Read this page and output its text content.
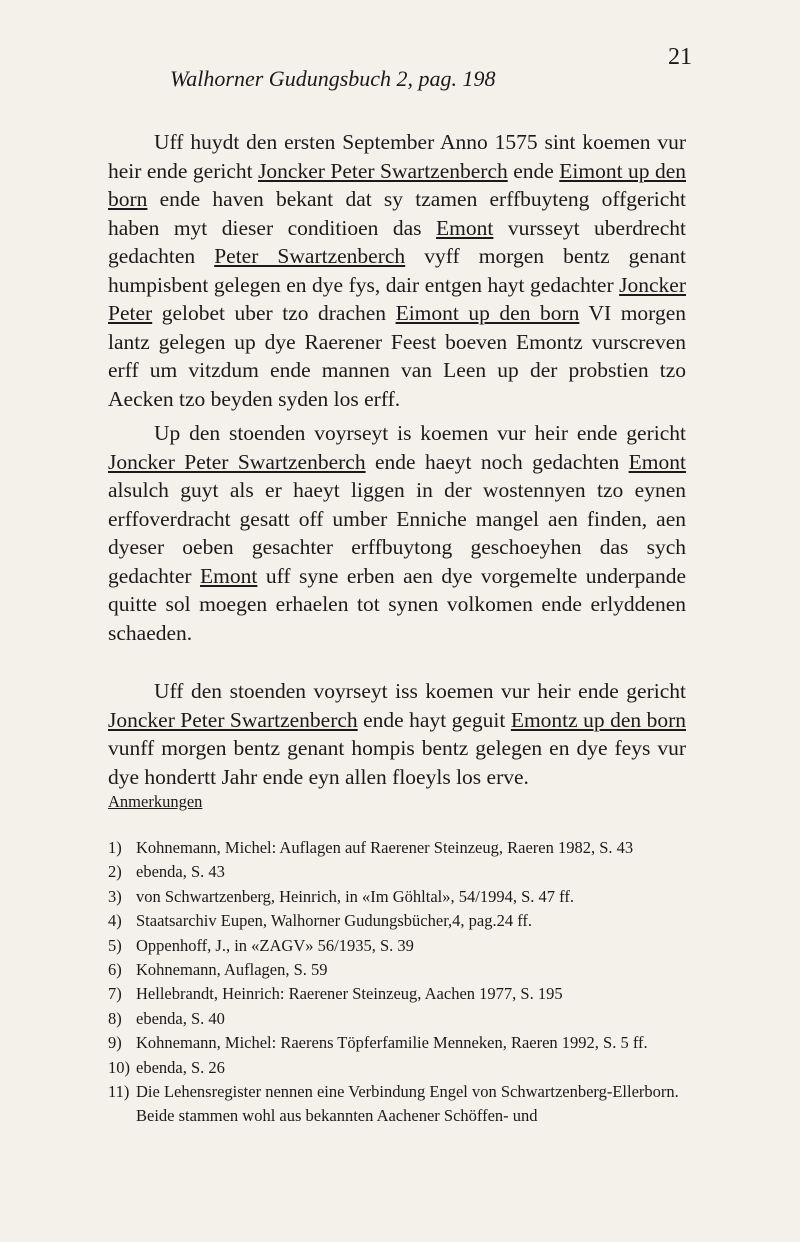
21
Walhorner Gudungsbuch 2, pag. 198

Uff huydt den ersten September Anno 1575 sint koemen vur heir ende gericht Joncker Peter Swartzenberch ende Eimont up den born ende haven bekant dat sy tzamen erffbuyteng offgericht haben myt dieser conditioen das Emont vursseyt uberdrecht gedachten Peter Swartzenberch vyff morgen bentz genant humpisbent gelegen en dye fys, dair entgen hayt gedachter Joncker Peter gelobet uber tzo drachen Eimont up den born VI morgen lantz gelegen up dye Raerener Feest boeven Emontz vurscreven erff um vitzdum ende mannen van Leen up der probstien tzo Aecken tzo beyden syden los erff.

Up den stoenden voyrseyt is koemen vur heir ende gericht Joncker Peter Swartzenberch ende haeyt noch gedachten Emont alsulch guyt als er haeyt liggen in der wostennyen tzo eynen erffoverdracht gesatt off umber Enniche mangel aen finden, aen dyeser oeben gesachter erffbuytong geschoeyhen das sych gedachter Emont uff syne erben aen dye vorgemelte underpande quitte sol moegen erhaelen tot synen volkomen ende erlyddenen schaeden.

Uff den stoenden voyrseyt iss koemen vur heir ende gericht Joncker Peter Swartzenberch ende hayt geguit Emontz up den born vunff morgen bentz genant hompis bentz gelegen en dye feys vur dye hondertt Jahr ende eyn allen floeyls los erve.

Anmerkungen
1) Kohnemann, Michel: Auflagen auf Raerener Steinzeug, Raeren 1982, S. 43
2) ebenda, S. 43
3) von Schwartzenberg, Heinrich, in «Im Göhltal», 54/1994, S. 47 ff.
4) Staatsarchiv Eupen, Walhorner Gudungsbücher,4, pag.24 ff.
5) Oppenhoff, J., in «ZAGV» 56/1935, S. 39
6) Kohnemann, Auflagen, S. 59
7) Hellebrandt, Heinrich: Raerener Steinzeug, Aachen 1977, S. 195
8) ebenda, S. 40
9) Kohnemann, Michel: Raerens Töpferfamilie Menneken, Raeren 1992, S. 5 ff.
10) ebenda, S. 26
11) Die Lehensregister nennen eine Verbindung Engel von Schwartzenberg-Ellerborn. Beide stammen wohl aus bekannten Aachener Schöffen- und
